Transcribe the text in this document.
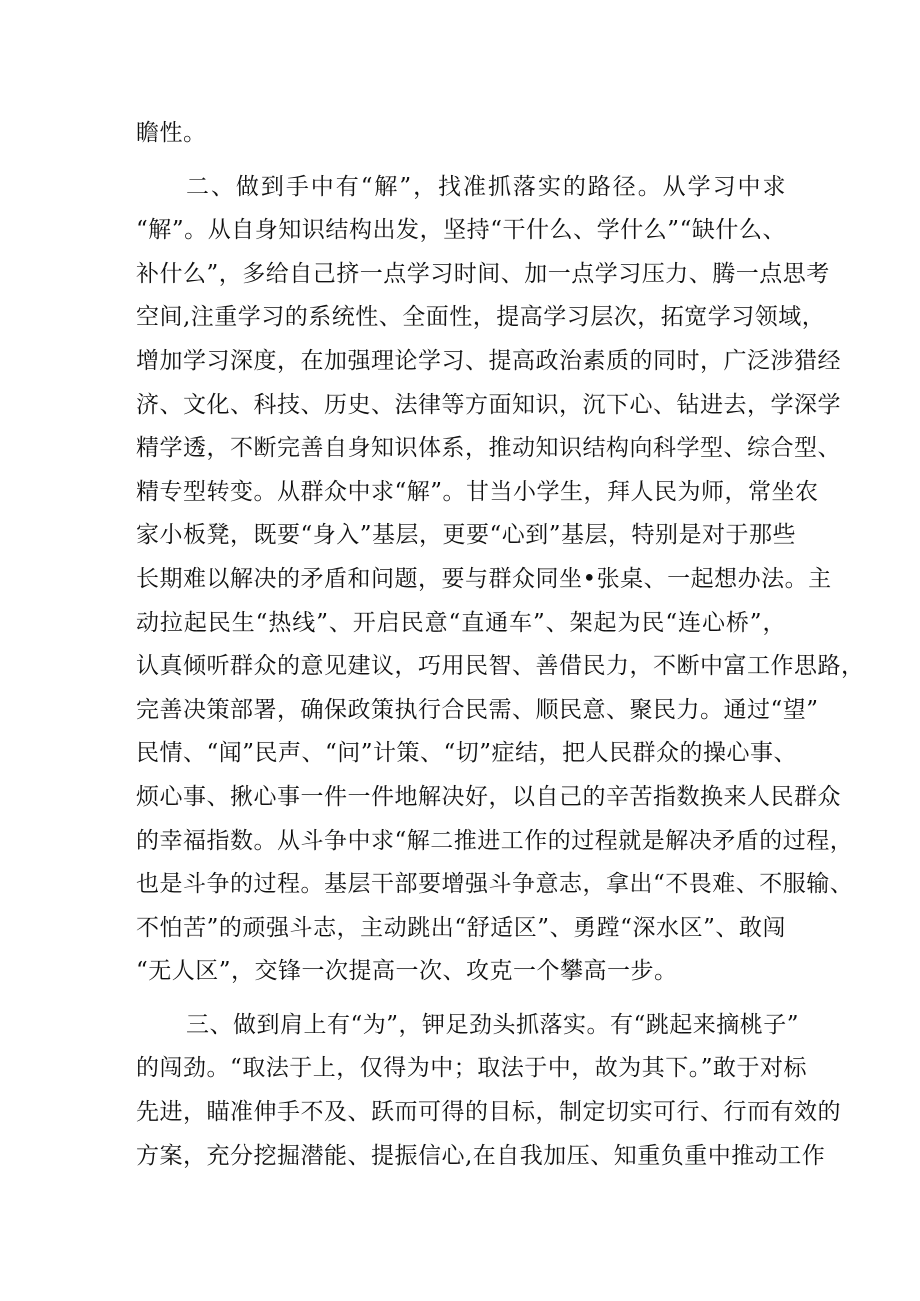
瞻性。
二、做到手中有“解”，找准抓落实的路径。从学习中求
“解”。从自身知识结构出发，坚持“干什么、学什么”“缺什么、
补什么”，多给自己挤一点学习时间、加一点学习压力、腾一点思考
空间,注重学习的系统性、全面性，提高学习层次，拓宽学习领域，
增加学习深度，在加强理论学习、提高政治素质的同时，广泛涉猎经
济、文化、科技、历史、法律等方面知识，沉下心、钻进去，学深学
精学透，不断完善自身知识体系，推动知识结构向科学型、综合型、
精专型转变。从群众中求“解”。甘当小学生，拜人民为师，常坐农
家小板凳，既要“身入”基层，更要“心到”基层，特别是对于那些
长期难以解决的矛盾和问题，要与群众同坐•张桌、一起想办法。主
动拉起民生“热线”、开启民意“直通车”、架起为民“连心桥”，
认真倾听群众的意见建议，巧用民智、善借民力，不断中富工作思路，
完善决策部署，确保政策执行合民需、顺民意、聚民力。通过“望”
民情、“闻”民声、“问”计策、“切”症结，把人民群众的操心事、
烦心事、揪心事一件一件地解决好，以自己的辛苦指数换来人民群众
的幸福指数。从斗争中求“解二推进工作的过程就是解决矛盾的过程，
也是斗争的过程。基层干部要增强斗争意志，拿出“不畏难、不服输、
不怕苦”的顽强斗志，主动跳出“舒适区”、勇蹚“深水区”、敢闯
“无人区”，交锋一次提高一次、攻克一个攀高一步。
三、做到肩上有“为”，钾足劲头抓落实。有“跳起来摘桃子”
的闯劲。“取法于上，仅得为中；取法于中，故为其下。”敢于对标
先进，瞄准伸手不及、跃而可得的目标，制定切实可行、行而有效的
方案，充分挖掘潜能、提振信心,在自我加压、知重负重中推动工作
